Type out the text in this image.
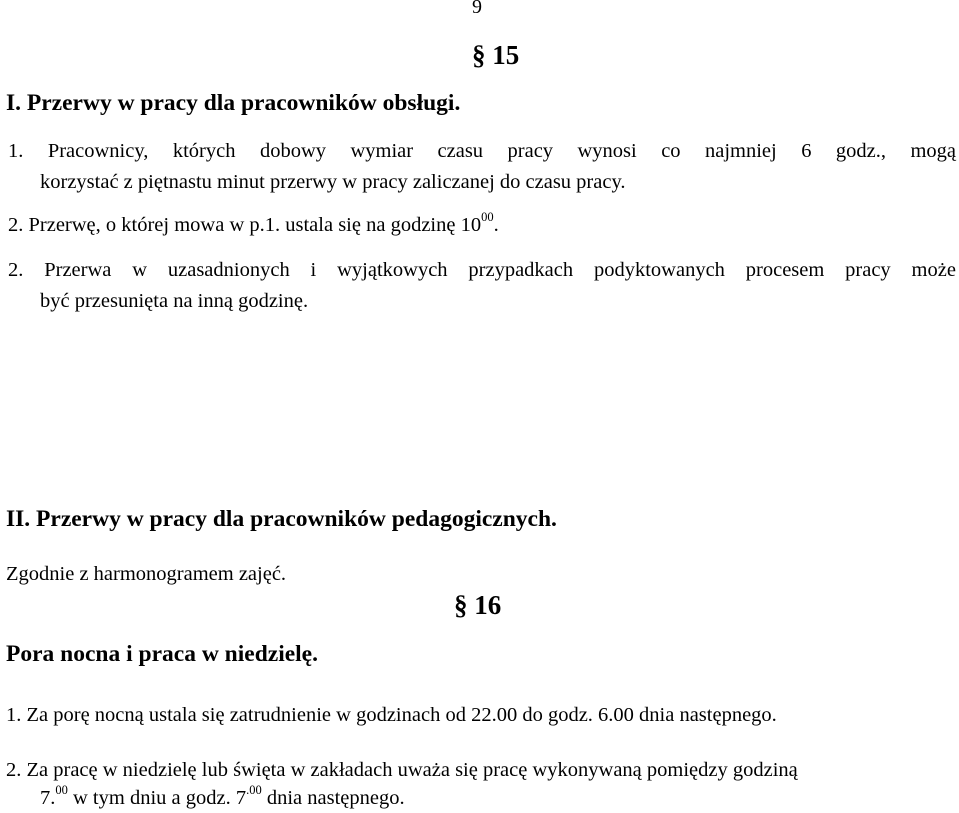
9
§ 15
I. Przerwy w pracy dla pracowników obsługi.
1. Pracownicy, których dobowy wymiar czasu pracy wynosi co najmniej 6 godz., mogą
korzystać z piętnastu minut przerwy w pracy zaliczanej do czasu pracy.
2. Przerwę, o której mowa w p.1. ustala się na godzinę $10^{00}$.
2. Przerwa w uzasadnionych i wyjątkowych przypadkach podyktowanych procesem pracy może
być przesunięta na inną godzinę.
II. Przerwy w pracy dla pracowników pedagogicznych.
Zgodnie z harmonogramem zajęć.
§ 16
Pora nocna i praca w niedzielę.
1. Za porę nocną ustala się zatrudnienie w godzinach od 22.00 do godz. 6.00 dnia następnego.
2. Za pracę w niedzielę lub święta w zakładach uważa się pracę wykonywaną pomiędzy godziną
7.00 w tym dniu a godz. $7^{.00}$ dnia następnego.
